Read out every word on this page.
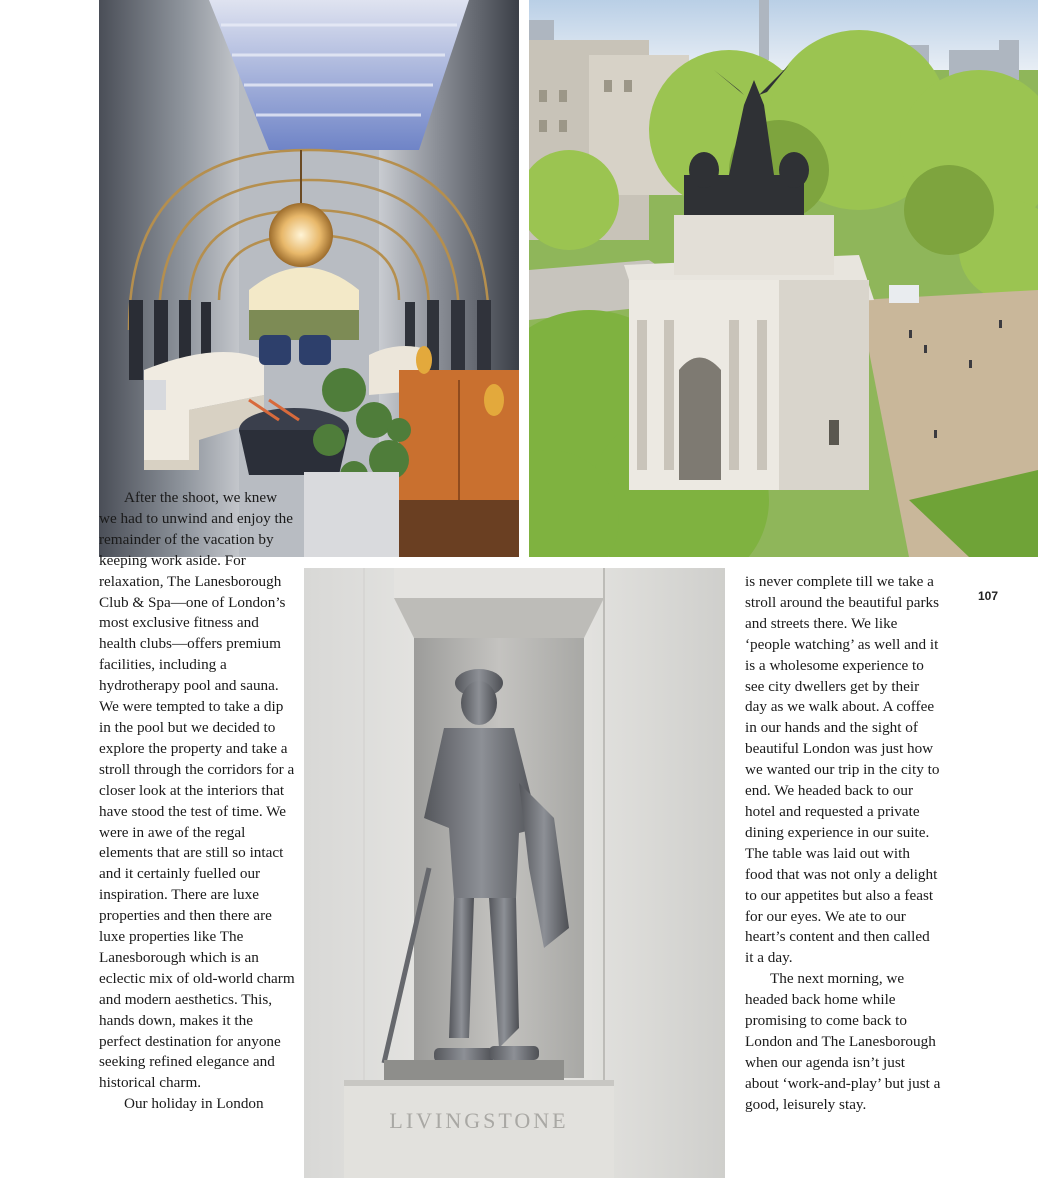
LIVINGSTONE

After the shoot, we knew we had to unwind and enjoy the remainder of the vacation by keeping work aside. For relaxation, The Lanesborough Club & Spa—one of London’s most exclusive fitness and health clubs—offers premium facilities, including a hydrotherapy pool and sauna. We were tempted to take a dip in the pool but we decided to explore the property and take a stroll through the corridors for a closer look at the interiors that have stood the test of time. We were in awe of the regal elements that are still so intact and it certainly fuelled our inspiration. There are luxe properties and then there are luxe properties like The Lanesborough which is an eclectic mix of old-world charm and modern aesthetics. This, hands down, makes it the perfect destination for anyone seeking refined elegance and historical charm.

Our holiday in London

is never complete till we take a stroll around the beautiful parks and streets there. We like ‘people watching’ as well and it is a wholesome experience to see city dwellers get by their day as we walk about. A coffee in our hands and the sight of beautiful London was just how we wanted our trip in the city to end. We headed back to our hotel and requested a private dining experience in our suite. The table was laid out with food that was not only a delight to our appetites but also a feast for our eyes. We ate to our heart’s content and then called it a day.

The next morning, we headed back home while promising to come back to London and The Lanesborough when our agenda isn’t just about ‘work-and-play’ but just a good, leisurely stay.

107
